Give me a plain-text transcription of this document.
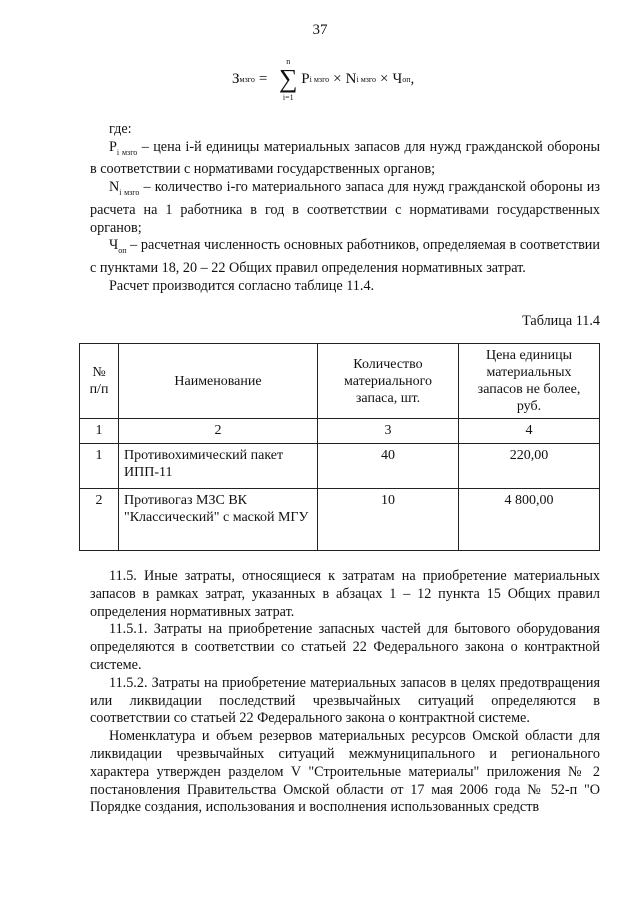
37
З мзго =
n
∑
i=1
P i мзго × N i мзго × Ч оп ,

где:

$P_{i мзго}$ – цена i-й единицы материальных запасов для нужд гражданской обороны в соответствии с нормативами государственных органов;

$N_{i мзго}$ – количество i-го материального запаса для нужд гражданской обороны из расчета на 1 работника в год в соответствии с нормативами государственных органов;

$Ч_{оп}$ – расчетная численность основных работников, определяемая в соответствии с пунктами 18, 20 – 22 Общих правил определения нормативных затрат.

Расчет производится согласно таблице 11.4.

Таблица 11.4
№ п/п	Наименование	Количество материального запаса, шт.	Цена единицы материальных запасов не более, руб.
1	2	3	4
1	Противохимический пакет ИПП-11	40	220,00
2	Противогаз МЗС ВК "Классический" с маской МГУ	10	4 800,00

11.5. Иные затраты, относящиеся к затратам на приобретение материальных запасов в рамках затрат, указанных в абзацах 1 – 12 пункта 15 Общих правил определения нормативных затрат.

11.5.1. Затраты на приобретение запасных частей для бытового оборудования определяются в соответствии со статьей 22 Федерального закона о контрактной системе.

11.5.2. Затраты на приобретение материальных запасов в целях предотвращения или ликвидации последствий чрезвычайных ситуаций определяются в соответствии со статьей 22 Федерального закона о контрактной системе.

Номенклатура и объем резервов материальных ресурсов Омской области для ликвидации чрезвычайных ситуаций межмуниципального и регионального характера утвержден разделом V "Строительные материалы" приложения № 2 постановления Правительства Омской области от 17 мая 2006 года № 52-п "О Порядке создания, использования и восполнения использованных средств
